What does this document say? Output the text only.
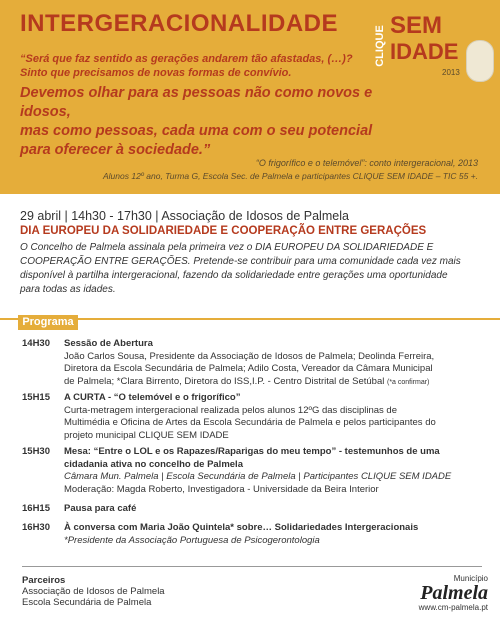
INTERGERACIONALIDADE
“Será que faz sentido as gerações andarem tão afastadas, (…)?
Sinto que precisamos de novas formas de convívio.
Devemos olhar para as pessoas não como novos e idosos,
mas como pessoas, cada uma com o seu potencial
para oferecer à sociedade.”
“O frigorífico e o telemóvel”: conto intergeracional, 2013
Alunos 12º ano, Turma G, Escola Sec. de Palmela e participantes CLIQUE SEM IDADE – TIC 55 +.
CLIQUE SEM
IDADE
2013
29 abril | 14h30 - 17h30 | Associação de Idosos de Palmela
DIA EUROPEU DA SOLIDARIEDADE E COOPERAÇÃO ENTRE GERAÇÕES
O Concelho de Palmela assinala pela primeira vez o DIA EUROPEU DA SOLIDARIEDADE E
COOPERAÇÃO ENTRE GERAÇÕES. Pretende-se contribuir para uma comunidade cada vez mais
disponível à partilha intergeracional, fazendo da solidariedade entre gerações uma oportunidade
para todas as idades.
Programa
14H30	Sessão de Abertura
João Carlos Sousa, Presidente da Associação de Idosos de Palmela; Deolinda Ferreira,
Diretora da Escola Secundária de Palmela; Adilo Costa, Vereador da Câmara Municipal
de Palmela; *Clara Birrento, Diretora do ISS,I.P. - Centro Distrital de Setúbal (*a confirmar)
15H15	A CURTA - “O telemóvel e o frigorífico”
Curta-metragem intergeracional realizada pelos alunos 12ºG das disciplinas de
Multimédia e Oficina de Artes da Escola Secundária de Palmela e pelos participantes do
projeto municipal CLIQUE SEM IDADE
15H30	Mesa: “Entre o LOL e os Rapazes/Raparigas do meu tempo” - testemunhos de uma
cidadania ativa no concelho de Palmela
Câmara Mun. Palmela | Escola Secundária de Palmela | Participantes CLIQUE SEM IDADE
Moderação: Magda Roberto, Investigadora - Universidade da Beira Interior
16H15	Pausa para café
16H30	À conversa com Maria João Quintela* sobre… Solidariedades Intergeracionais
*Presidente da Associação Portuguesa de Psicogerontologia
Parceiros
Associação de Idosos de Palmela
Escola Secundária de Palmela
Município
Palmela
www.cm-palmela.pt
